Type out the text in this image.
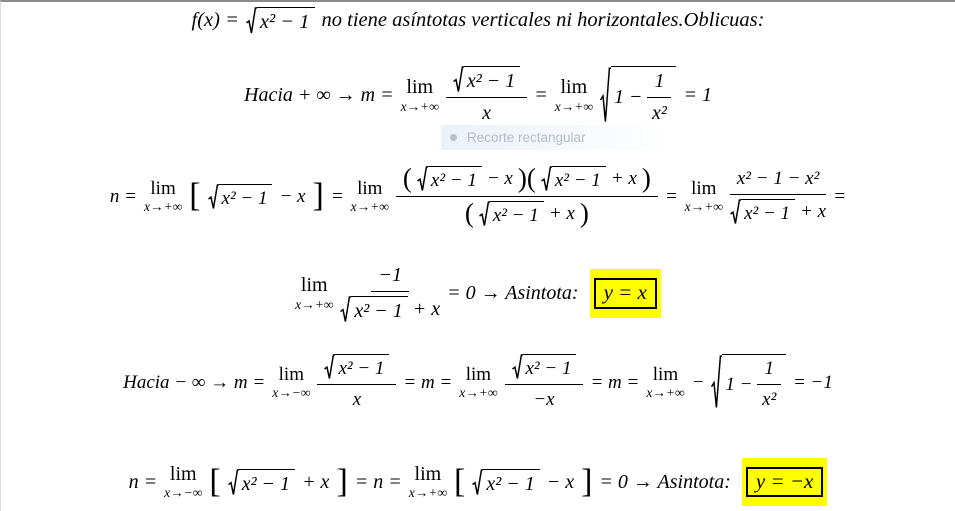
f(x) = x² − 1 no tiene asíntotas verticales ni horizontales.Oblicuas:
Hacia + ∞ → m = lim
$x\to+\infty \frac{\text{x² − 1}}{x} = \lim$
x→+∞ $1 - \frac{1}{\text{x²}} = 1$
n = lim
x→+∞ [ x² − 1 − x ] = lim
x→+∞
( x² − 1 − x )( x² − 1 + x )
( x² − 1 + x )
= lim
$x\to+\infty \frac{\text{x² − 1 − x²}}{\text{x² − 1 + x}}$ =
lim
$x\to+\infty \frac{-1}{\text{x² − 1 + x}} = 0$ → Asintota:	y = x
Hacia − ∞ → m = lim
$x\to-\infty \frac{\text{x² − 1}}{x} = m = \lim$
$x\to+\infty \frac{\text{x² − 1}}{-x} = m = \lim$
x→+∞
− $1 - \frac{1}{\text{x²}} = -1$
n = lim
x→−∞ [ x² − 1 + x ] = n = lim
x→+∞ [ x² − 1 − x ] = 0 → Asintota:	y = −x
Recorte rectangular
